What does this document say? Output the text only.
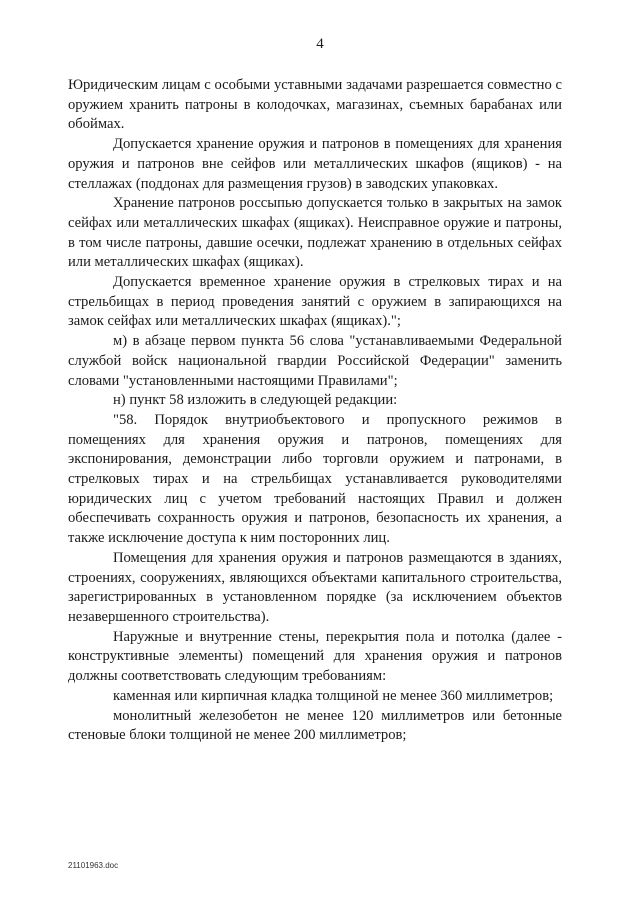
4

Юридическим лицам с особыми уставными задачами разрешается совместно с оружием хранить патроны в колодочках, магазинах, съемных барабанах или обоймах.

Допускается хранение оружия и патронов в помещениях для хранения оружия и патронов вне сейфов или металлических шкафов (ящиков) - на стеллажах (поддонах для размещения грузов) в заводских упаковках.

Хранение патронов россыпью допускается только в закрытых на замок сейфах или металлических шкафах (ящиках). Неисправное оружие и патроны, в том числе патроны, давшие осечки, подлежат хранению в отдельных сейфах или металлических шкафах (ящиках).

Допускается временное хранение оружия в стрелковых тирах и на стрельбищах в период проведения занятий с оружием в запирающихся на замок сейфах или металлических шкафах (ящиках).";

м) в абзаце первом пункта 56 слова "устанавливаемыми Федеральной службой войск национальной гвардии Российской Федерации" заменить словами "установленными настоящими Правилами";

н) пункт 58 изложить в следующей редакции:

"58. Порядок внутриобъектового и пропускного режимов в помещениях для хранения оружия и патронов, помещениях для экспонирования, демонстрации либо торговли оружием и патронами, в стрелковых тирах и на стрельбищах устанавливается руководителями юридических лиц с учетом требований настоящих Правил и должен обеспечивать сохранность оружия и патронов, безопасность их хранения, а также исключение доступа к ним посторонних лиц.

Помещения для хранения оружия и патронов размещаются в зданиях, строениях, сооружениях, являющихся объектами капитального строительства, зарегистрированных в установленном порядке (за исключением объектов незавершенного строительства).

Наружные и внутренние стены, перекрытия пола и потолка (далее - конструктивные элементы) помещений для хранения оружия и патронов должны соответствовать следующим требованиям:

каменная или кирпичная кладка толщиной не менее 360 миллиметров;

монолитный железобетон не менее 120 миллиметров или бетонные стеновые блоки толщиной не менее 200 миллиметров;

21101963.doc
